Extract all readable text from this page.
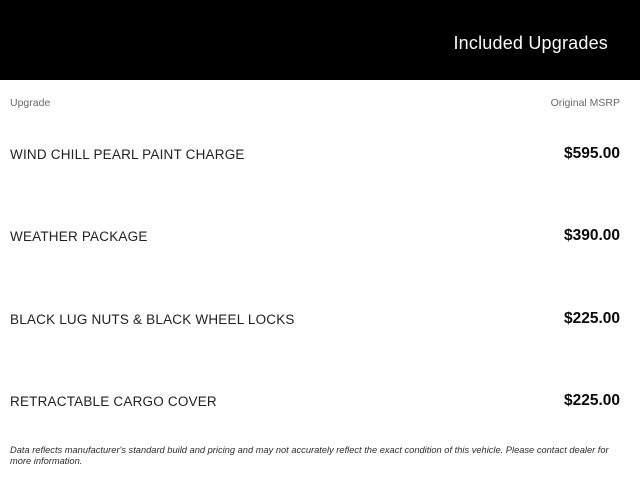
Included Upgrades
Upgrade	Original MSRP
WIND CHILL PEARL PAINT CHARGE	$595.00
WEATHER PACKAGE	$390.00
BLACK LUG NUTS & BLACK WHEEL LOCKS	$225.00
RETRACTABLE CARGO COVER	$225.00
Data reflects manufacturer's standard build and pricing and may not accurately reflect the exact condition of this vehicle. Please contact dealer for more information.
